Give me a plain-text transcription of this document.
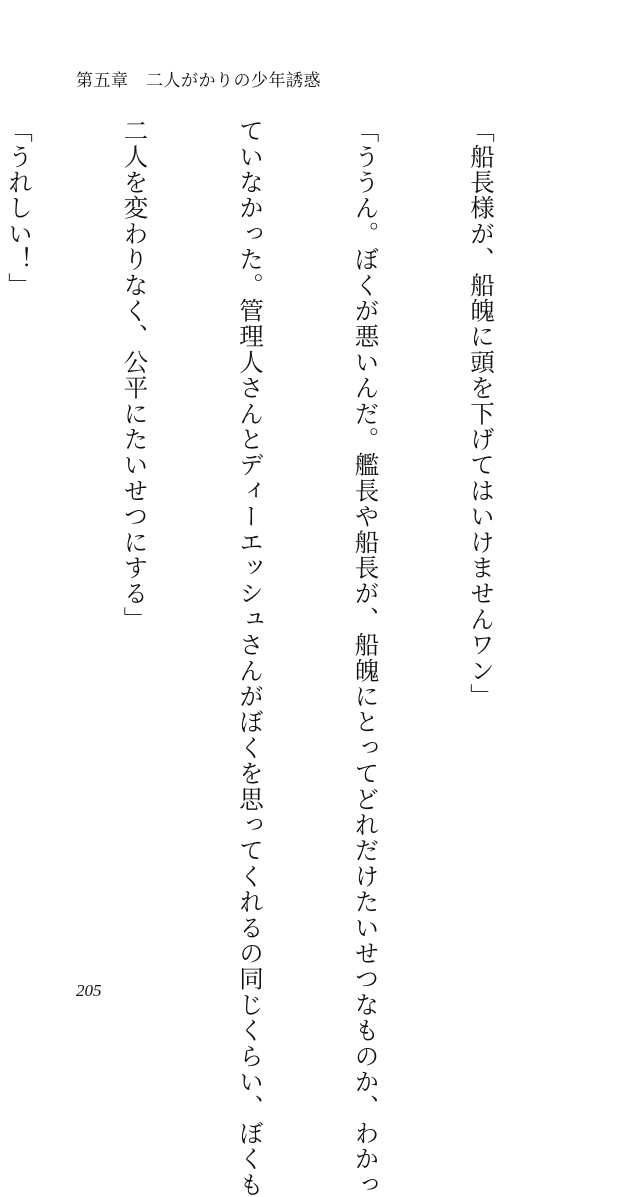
第五章　二人がかりの少年誘惑

「船長様が、船魄に頭を下げてはいけませんワン」

「ううん。ぼくが悪いんだ。艦長や船長が、船魄にとってどれだけたいせつなものか、わかっ

ていなかった。管理人さんとディーエッシュさんがぼくを思ってくれるの同じくらい、ぼくも

二人を変わりなく、公平にたいせつにする」

「うれしい！」

205
